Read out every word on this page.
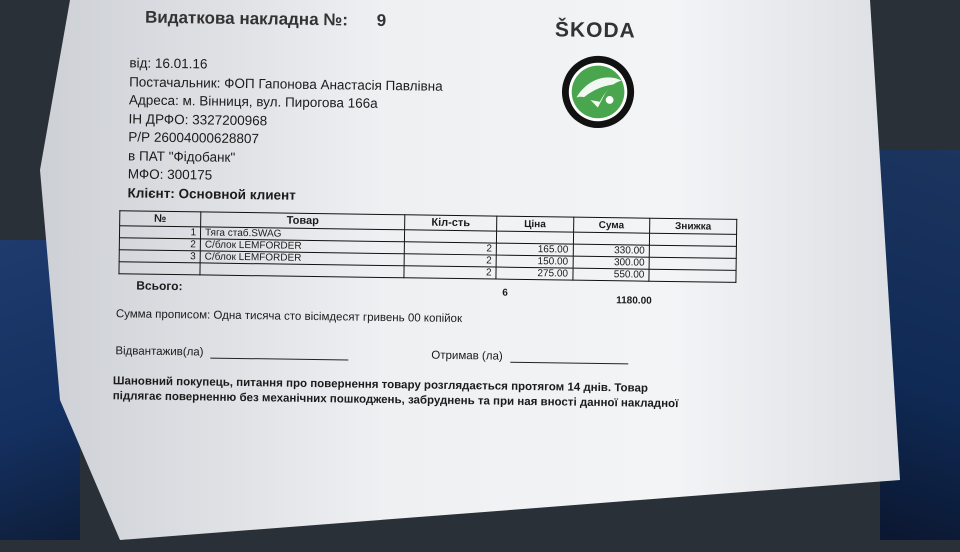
Видаткова накладна №: 9	ŠKODA
від: 16.01.16
Постачальник: ФОП Гапонова Анастасія Павлівна
Адреса: м. Вінниця, вул. Пирогова 166а
ІН ДРФО: 3327200968
Р/Р 26004000628807
в ПАТ "Фідобанк"
МФО: 300175
Клієнт: Основной клиент
№	Товар	Кіл-сть	Ціна	Сума	Знижка
1	Тяга стаб.SWAG				
2	С/блок LEMFORDER	2	165.00	330.00	
3	С/блок LEMFORDER	2	150.00	300.00	
		2	275.00	550.00	
Всього:
6
1180.00
Сумма прописом: Одна тисяча сто вісімдесят гривень 00 копійок
Відвантажив(ла)	Отримав (ла)
Шановний покупець, питання про повернення товару розглядається протягом 14 днів. Товар підлягає поверненню без механічних пошкоджень, забруднень та при ная вності данної накладної
